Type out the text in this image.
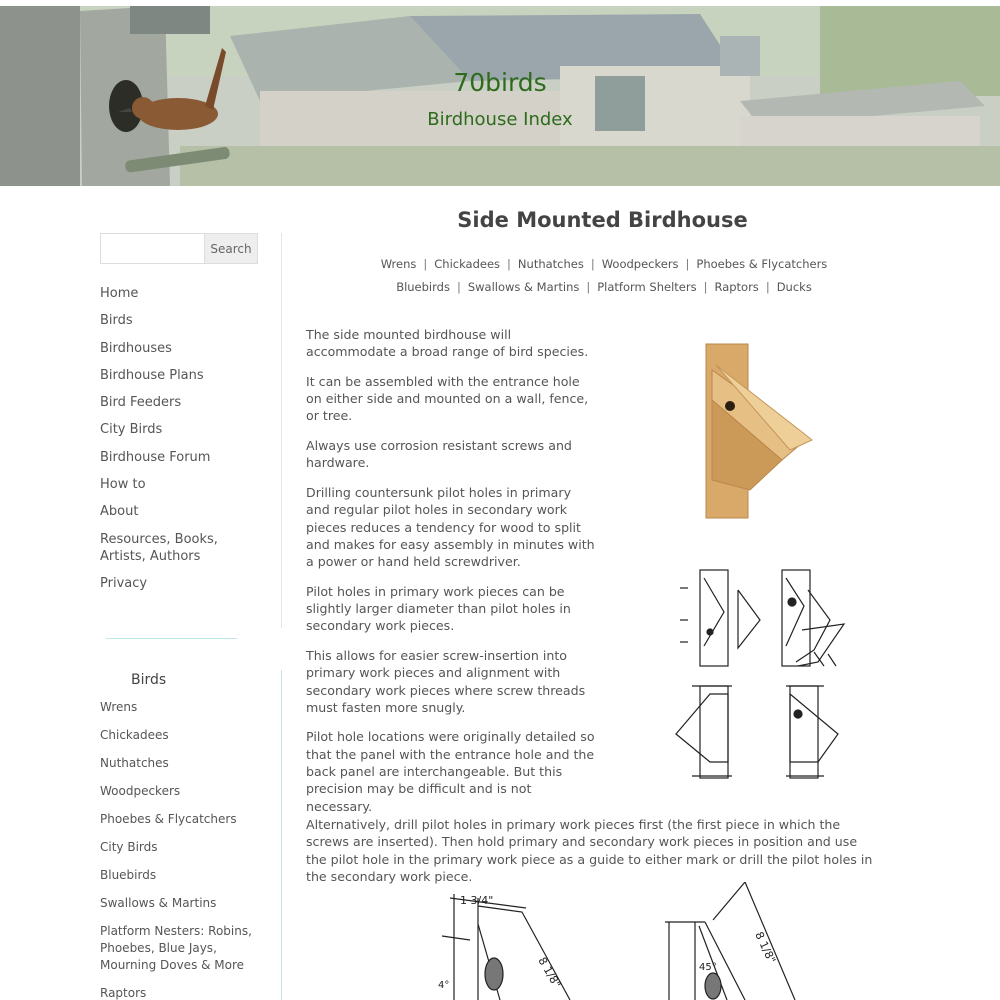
70birds
Birdhouse Index
Search
Home
Birds
Birdhouses
Birdhouse Plans
Bird Feeders
City Birds
Birdhouse Forum
How to
About
Resources, Books, Artists, Authors
Privacy
Birds
Wrens
Chickadees
Nuthatches
Woodpeckers
Phoebes & Flycatchers
City Birds
Bluebirds
Swallows & Martins
Platform Nesters: Robins, Phoebes, Blue Jays, Mourning Doves & More
Raptors
Side Mounted Birdhouse
Wrens | Chickadees | Nuthatches | Woodpeckers | Phoebes & Flycatchers
Bluebirds | Swallows & Martins | Platform Shelters | Raptors | Ducks

The side mounted birdhouse will accommodate a broad range of bird species.

It can be assembled with the entrance hole on either side and mounted on a wall, fence, or tree.

Always use corrosion resistant screws and hardware.

Drilling countersunk pilot holes in primary and regular pilot holes in secondary work pieces reduces a tendency for wood to split and makes for easy assembly in minutes with a power or hand held screwdriver.

Pilot holes in primary work pieces can be slightly larger diameter than pilot holes in secondary work pieces.

This allows for easier screw-insertion into primary work pieces and alignment with secondary work pieces where screw threads must fasten more snugly.

Pilot hole locations were originally detailed so that the panel with the entrance hole and the back panel are interchangeable. But this precision may be difficult and is not necessary.

Alternatively, drill pilot holes in primary work pieces first (the first piece in which the screws are inserted). Then hold primary and secondary work pieces in position and use the pilot hole in the primary work piece as a guide to either mark or drill the pilot holes in the secondary work piece.

1 3/4"
8 1/8"
4°
8 1/8"
45°
